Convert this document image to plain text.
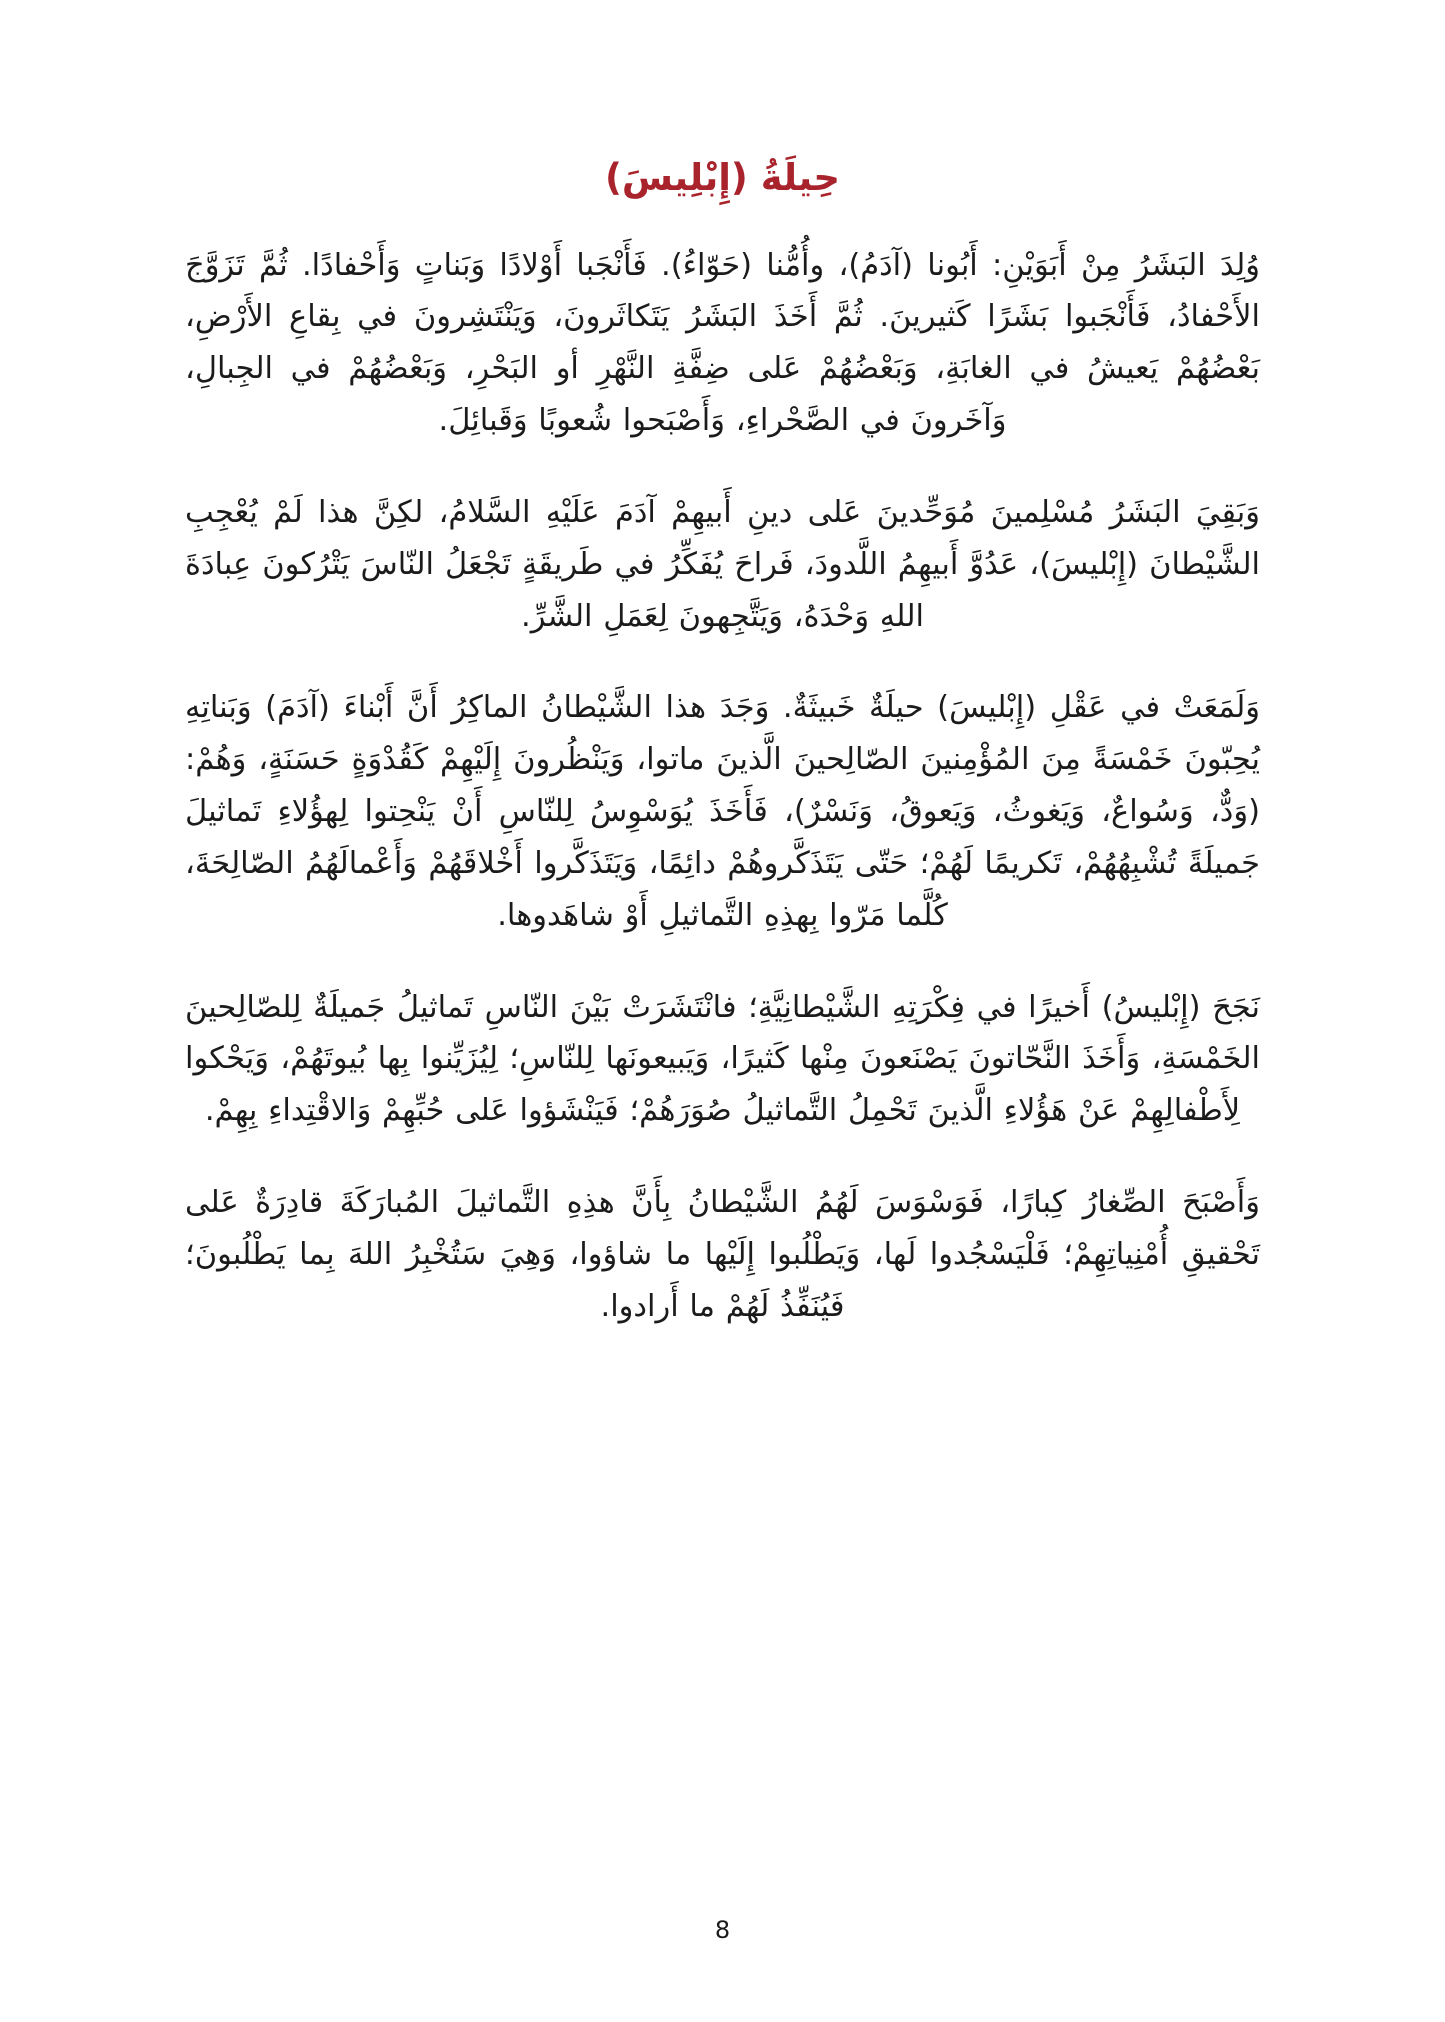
حِيلَةُ (إِبْلِيسَ)

وُلِدَ البَشَرُ مِنْ أَبَوَيْنِ: أَبُونا (آدَمُ)، وأُمُّنا (حَوّاءُ). فَأَنْجَبا أَوْلادًا وَبَناتٍ وَأَحْفادًا. ثُمَّ تَزَوَّجَ الأَحْفادُ، فَأَنْجَبوا بَشَرًا كَثيرينَ. ثُمَّ أَخَذَ البَشَرُ يَتَكاثَرونَ، وَيَنْتَشِرونَ في بِقاعِ الأَرْضِ، بَعْضُهُمْ يَعيشُ في الغابَةِ، وَبَعْضُهُمْ عَلى ضِفَّةِ النَّهْرِ أو البَحْرِ، وَبَعْضُهُمْ في الجِبالِ، وَآخَرونَ في الصَّحْراءِ، وَأَصْبَحوا شُعوبًا وَقَبائِلَ.

وَبَقِيَ البَشَرُ مُسْلِمينَ مُوَحِّدينَ عَلى دينِ أَبيهِمْ آدَمَ عَلَيْهِ السَّلامُ، لكِنَّ هذا لَمْ يُعْجِبِ الشَّيْطانَ (إِبْليسَ)، عَدُوَّ أَبيهِمُ اللَّدودَ، فَراحَ يُفَكِّرُ في طَريقَةٍ تَجْعَلُ النّاسَ يَتْرُكونَ عِبادَةَ اللهِ وَحْدَهُ، وَيَتَّجِهونَ لِعَمَلِ الشَّرِّ.

وَلَمَعَتْ في عَقْلِ (إِبْليسَ) حيلَةٌ خَبيثَةٌ. وَجَدَ هذا الشَّيْطانُ الماكِرُ أَنَّ أَبْناءَ (آدَمَ) وَبَناتِهِ يُحِبّونَ خَمْسَةً مِنَ المُؤْمِنينَ الصّالِحينَ الَّذينَ ماتوا، وَيَنْظُرونَ إِلَيْهِمْ كَقُدْوَةٍ حَسَنَةٍ، وَهُمْ: (وَدٌّ، وَسُواعٌ، وَيَغوثُ، وَيَعوقُ، وَنَسْرٌ)، فَأَخَذَ يُوَسْوِسُ لِلنّاسِ أَنْ يَنْحِتوا لِهؤُلاءِ تَماثيلَ جَميلَةً تُشْبِهُهُمْ، تَكريمًا لَهُمْ؛ حَتّى يَتَذَكَّروهُمْ دائِمًا، وَيَتَذَكَّروا أَخْلاقَهُمْ وَأَعْمالَهُمُ الصّالِحَةَ، كُلَّما مَرّوا بِهذِهِ التَّماثيلِ أَوْ شاهَدوها.

نَجَحَ (إِبْليسُ) أَخيرًا في فِكْرَتِهِ الشَّيْطانِيَّةِ؛ فانْتَشَرَتْ بَيْنَ النّاسِ تَماثيلُ جَميلَةٌ لِلصّالِحينَ الخَمْسَةِ، وَأَخَذَ النَّحّاتونَ يَصْنَعونَ مِنْها كَثيرًا، وَيَبيعونَها لِلنّاسِ؛ لِيُزَيِّنوا بِها بُيوتَهُمْ، وَيَحْكوا لِأَطْفالِهِمْ عَنْ هَؤُلاءِ الَّذينَ تَحْمِلُ التَّماثيلُ صُوَرَهُمْ؛ فَيَنْشَؤوا عَلى حُبِّهِمْ وَالاقْتِداءِ بِهِمْ.

وَأَصْبَحَ الصِّغارُ كِبارًا، فَوَسْوَسَ لَهُمُ الشَّيْطانُ بِأَنَّ هذِهِ التَّماثيلَ المُبارَكَةَ قادِرَةٌ عَلى تَحْقيقِ أُمْنِياتِهِمْ؛ فَلْيَسْجُدوا لَها، وَيَطْلُبوا إِلَيْها ما شاؤوا، وَهِيَ سَتُخْبِرُ اللهَ بِما يَطْلُبونَ؛ فَيُنَفِّذُ لَهُمْ ما أَرادوا.

8
